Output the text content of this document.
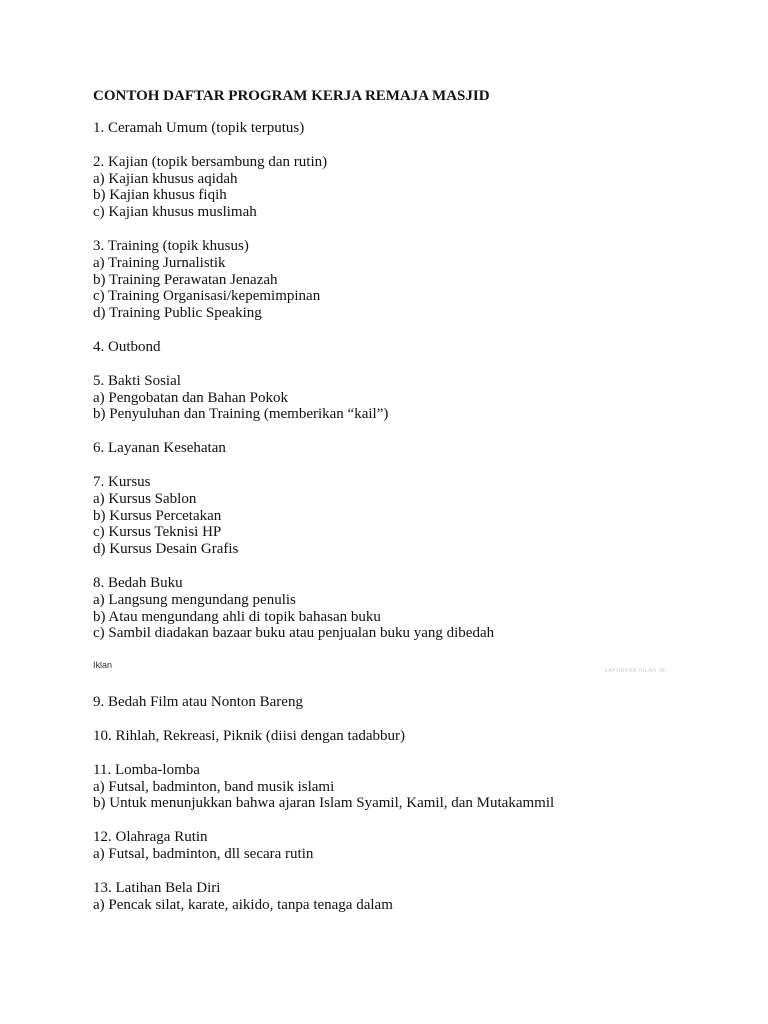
CONTOH DAFTAR PROGRAM KERJA REMAJA MASJID
1. Ceramah Umum (topik terputus)
2. Kajian (topik bersambung dan rutin)
a) Kajian khusus aqidah
b) Kajian khusus fiqih
c) Kajian khusus muslimah
3. Training (topik khusus)
a) Training Jurnalistik
b) Training Perawatan Jenazah
c) Training Organisasi/kepemimpinan
d) Training Public Speaking
4. Outbond
5. Bakti Sosial
a) Pengobatan dan Bahan Pokok
b) Penyuluhan dan Training (memberikan “kail”)
6. Layanan Kesehatan
7. Kursus
a) Kursus Sablon
b) Kursus Percetakan
c) Kursus Teknisi HP
d) Kursus Desain Grafis
8. Bedah Buku
a) Langsung mengundang penulis
b) Atau mengundang ahli di topik bahasan buku
c) Sambil diadakan bazaar buku atau penjualan buku yang dibedah
Iklan
LAPORKAN IKLAN INI
9. Bedah Film atau Nonton Bareng
10. Rihlah, Rekreasi, Piknik (diisi dengan tadabbur)
11. Lomba-lomba
a) Futsal, badminton, band musik islami
b) Untuk menunjukkan bahwa ajaran Islam Syamil, Kamil, dan Mutakammil
12. Olahraga Rutin
a) Futsal, badminton, dll secara rutin
13. Latihan Bela Diri
a) Pencak silat, karate, aikido, tanpa tenaga dalam
